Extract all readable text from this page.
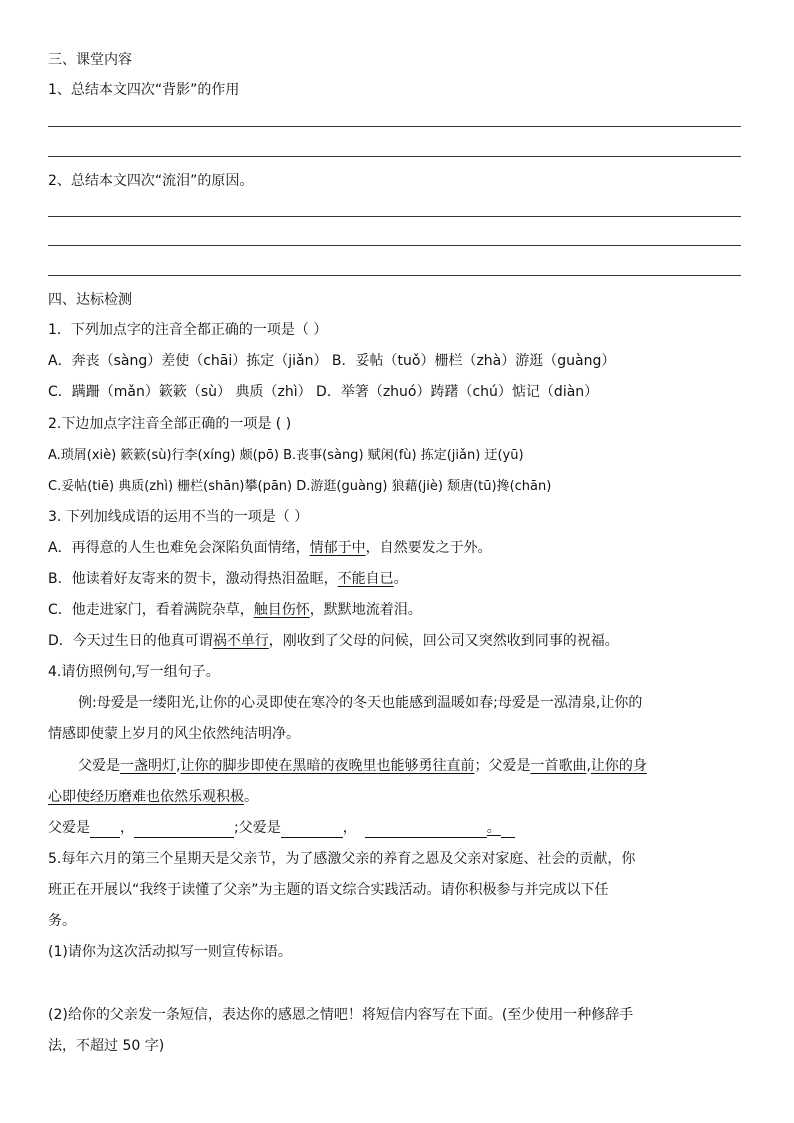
三、课堂内容
1、总结本文四次“背影”的作用
2、总结本文四次“流泪”的原因。
四、达标检测
1．下列加点字的注音全都正确的一项是（ ）
A．奔丧（sàng）差使（chāi）拣定（jiǎn） B．妥帖（tuǒ）栅栏（zhà）游逛（guàng）
C．蹒跚（mǎn）簌簌（sù） 典质（zhì） D．举箸（zhuó）踌躇（chú）惦记（diàn）
2.下边加点字注音全部正确的一项是 ( )
A.琐屑(xiè) 簌簌(sù)行李(xíng) 颇(pō) B.丧事(sàng) 赋闲(fù) 拣定(jiǎn) 迂(yū)
C.妥帖(tiē) 典质(zhì) 栅栏(shān)攀(pān) D.游逛(guàng) 狼藉(jiè) 颓唐(tū)搀(chān)
3. 下列加线成语的运用不当的一项是（ ）
A．再得意的人生也难免会深陷负面情绪，情郁于中，自然要发之于外。
B．他读着好友寄来的贺卡，激动得热泪盈眶，不能自已。
C．他走进家门，看着满院杂草，触目伤怀，默默地流着泪。
D．今天过生日的他真可谓祸不单行，刚收到了父母的问候，回公司又突然收到同事的祝福。
4.请仿照例句,写一组句子。
例:母爱是一缕阳光,让你的心灵即使在寒冷的冬天也能感到温暖如春;母爱是一泓清泉,让你的
情感即使蒙上岁月的风尘依然纯洁明净。
父爱是一盏明灯,让你的脚步即使在黑暗的夜晚里也能够勇往直前；父爱是一首歌曲,让你的身
心即使经历磨难也依然乐观积极。
父爱是 ，	;父爱是	，	。
5.每年六月的第三个星期天是父亲节，为了感激父亲的养育之恩及父亲对家庭、社会的贡献，你
班正在开展以“我终于读懂了父亲”为主题的语文综合实践活动。请你积极参与并完成以下任
务。
(1)请你为这次活动拟写一则宣传标语。
(2)给你的父亲发一条短信，表达你的感恩之情吧！将短信内容写在下面。(至少使用一种修辞手
法，不超过 50 字)
